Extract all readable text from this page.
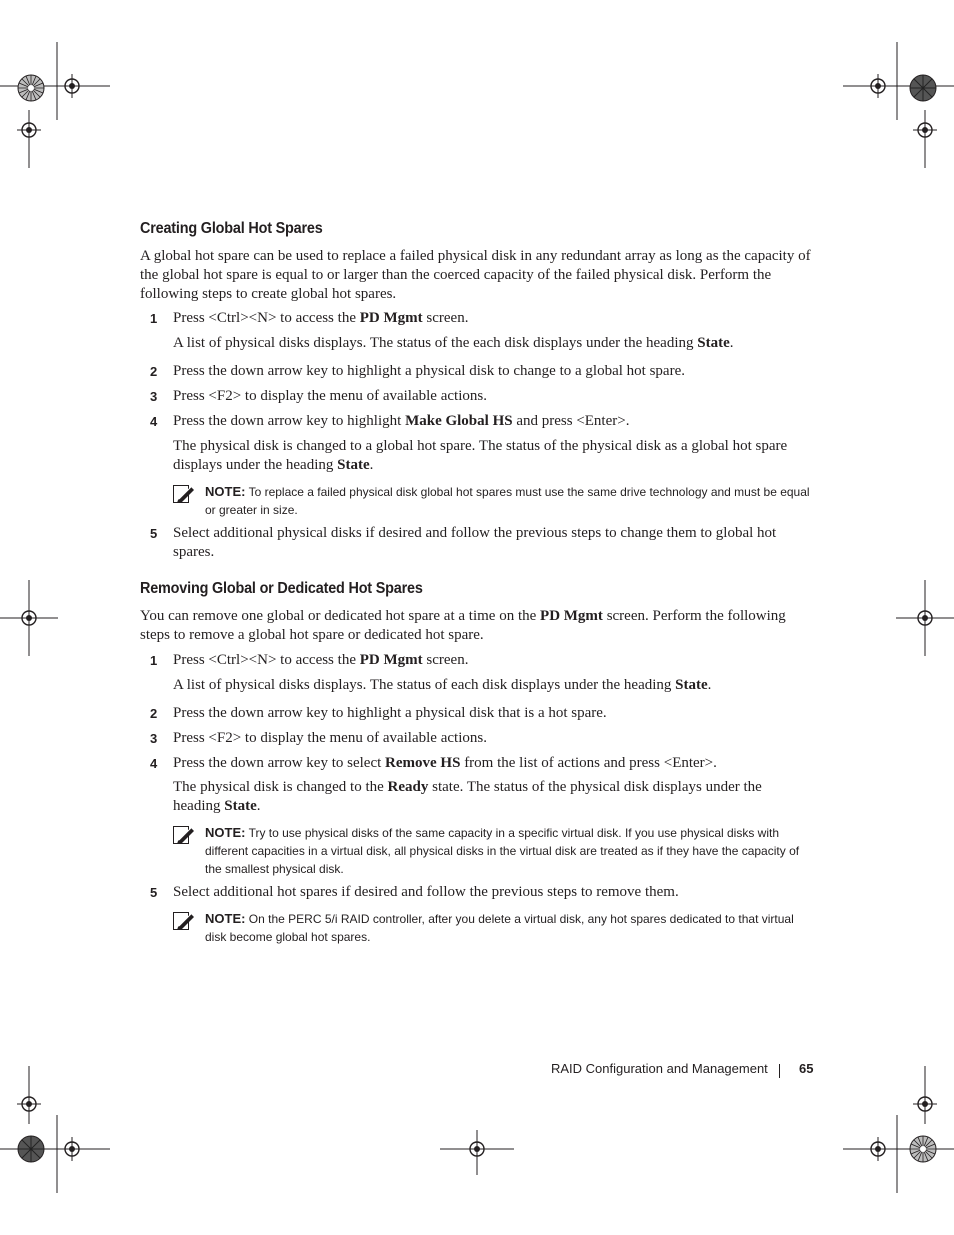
Creating Global Hot Spares

A global hot spare can be used to replace a failed physical disk in any redundant array as long as the capacity of the global hot spare is equal to or larger than the coerced capacity of the failed physical disk. Perform the following steps to create global hot spares.

1 Press <Ctrl><N> to access the PD Mgmt screen.

A list of physical disks displays. The status of the each disk displays under the heading State.

2 Press the down arrow key to highlight a physical disk to change to a global hot spare.
3 Press <F2> to display the menu of available actions.
4 Press the down arrow key to highlight Make Global HS and press <Enter>.

The physical disk is changed to a global hot spare. The status of the physical disk as a global hot spare displays under the heading State.

NOTE: To replace a failed physical disk global hot spares must use the same drive technology and must be equal or greater in size.
5 Select additional physical disks if desired and follow the previous steps to change them to global hot spares.
Removing Global or Dedicated Hot Spares

You can remove one global or dedicated hot spare at a time on the PD Mgmt screen. Perform the following steps to remove a global hot spare or dedicated hot spare.

1 Press <Ctrl><N> to access the PD Mgmt screen.

A list of physical disks displays. The status of each disk displays under the heading State.

2 Press the down arrow key to highlight a physical disk that is a hot spare.
3 Press <F2> to display the menu of available actions.
4 Press the down arrow key to select Remove HS from the list of actions and press <Enter>.

The physical disk is changed to the Ready state. The status of the physical disk displays under the heading State.

NOTE: Try to use physical disks of the same capacity in a specific virtual disk. If you use physical disks with different capacities in a virtual disk, all physical disks in the virtual disk are treated as if they have the capacity of the smallest physical disk.
5 Select additional hot spares if desired and follow the previous steps to remove them.
NOTE: On the PERC 5/i RAID controller, after you delete a virtual disk, any hot spares dedicated to that virtual disk become global hot spares.
RAID Configuration and Management 65
